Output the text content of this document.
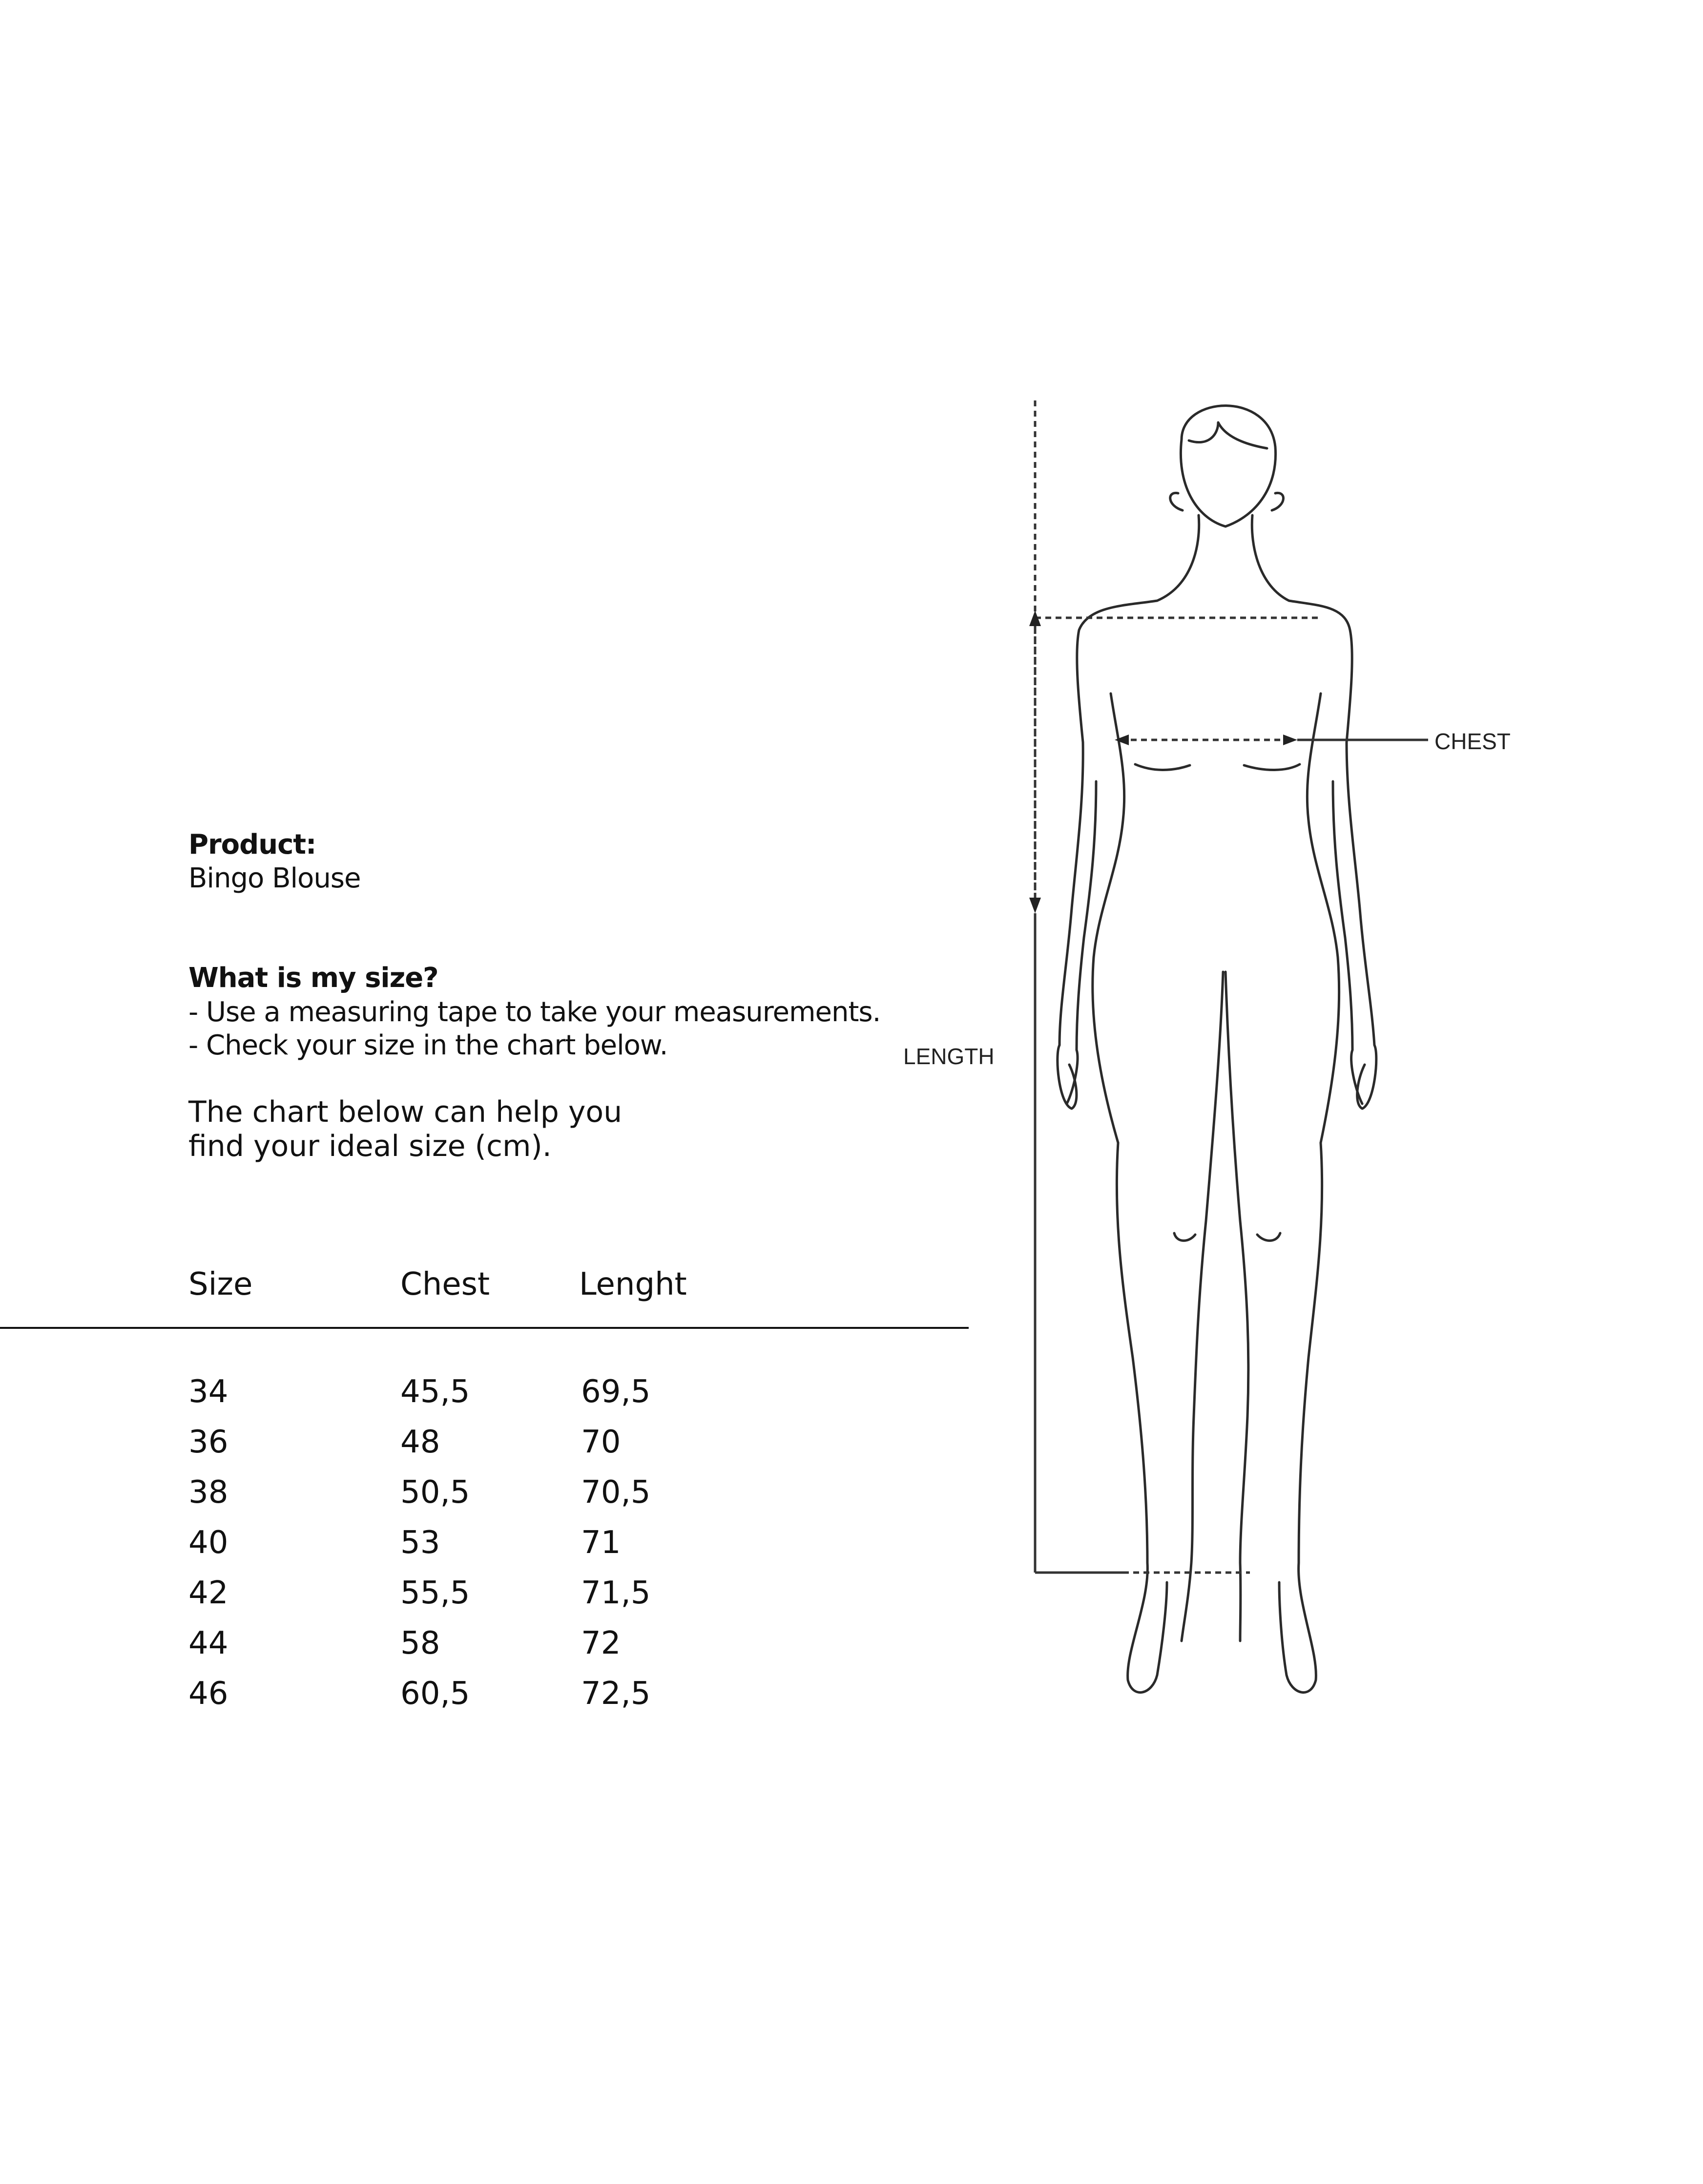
Product:
Bingo Blouse
What is my size?
- Use a measuring tape to take your measurements.
- Check your size in the chart below.
The chart below can help you
find your ideal size (cm).
Size	Chest	Lenght
34	45,5	69,5
36	48	70
38	50,5	70,5
40	53	71
42	55,5	71,5
44	58	72
46	60,5	72,5
CHEST
LENGTH
